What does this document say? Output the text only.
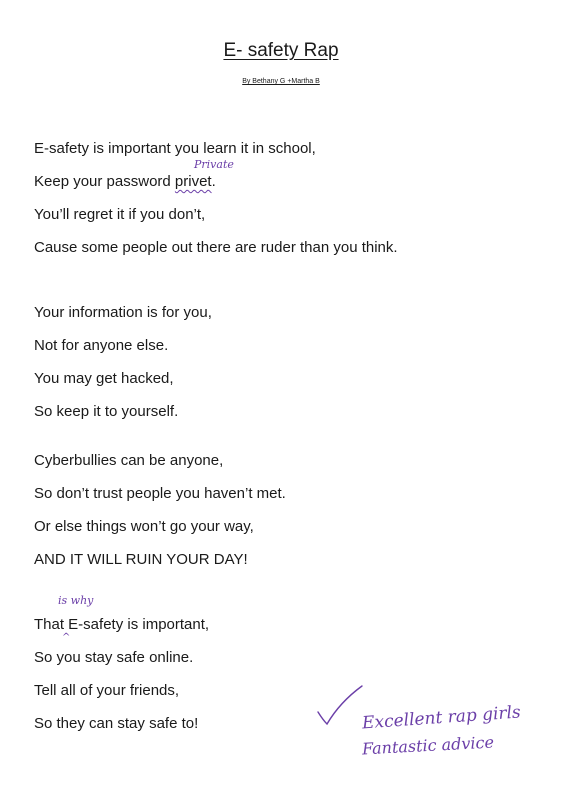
E- safety Rap
By Bethany G +Martha B
E-safety is important you learn it in school,
Keep your password privet.
You’ll regret it if you don’t,
Cause some people out there are ruder than you think.
Your information is for you,
Not for anyone else.
You may get hacked,
So keep it to yourself.
Cyberbullies can be anyone,
So don’t trust people you haven’t met.
Or else things won’t go your way,
AND IT WILL RUIN YOUR DAY!
That E-safety is important,
So you stay safe online.
Tell all of your friends,
So they can stay safe to!
Private
is why
^
Excellent rap girls
Fantastic advice
